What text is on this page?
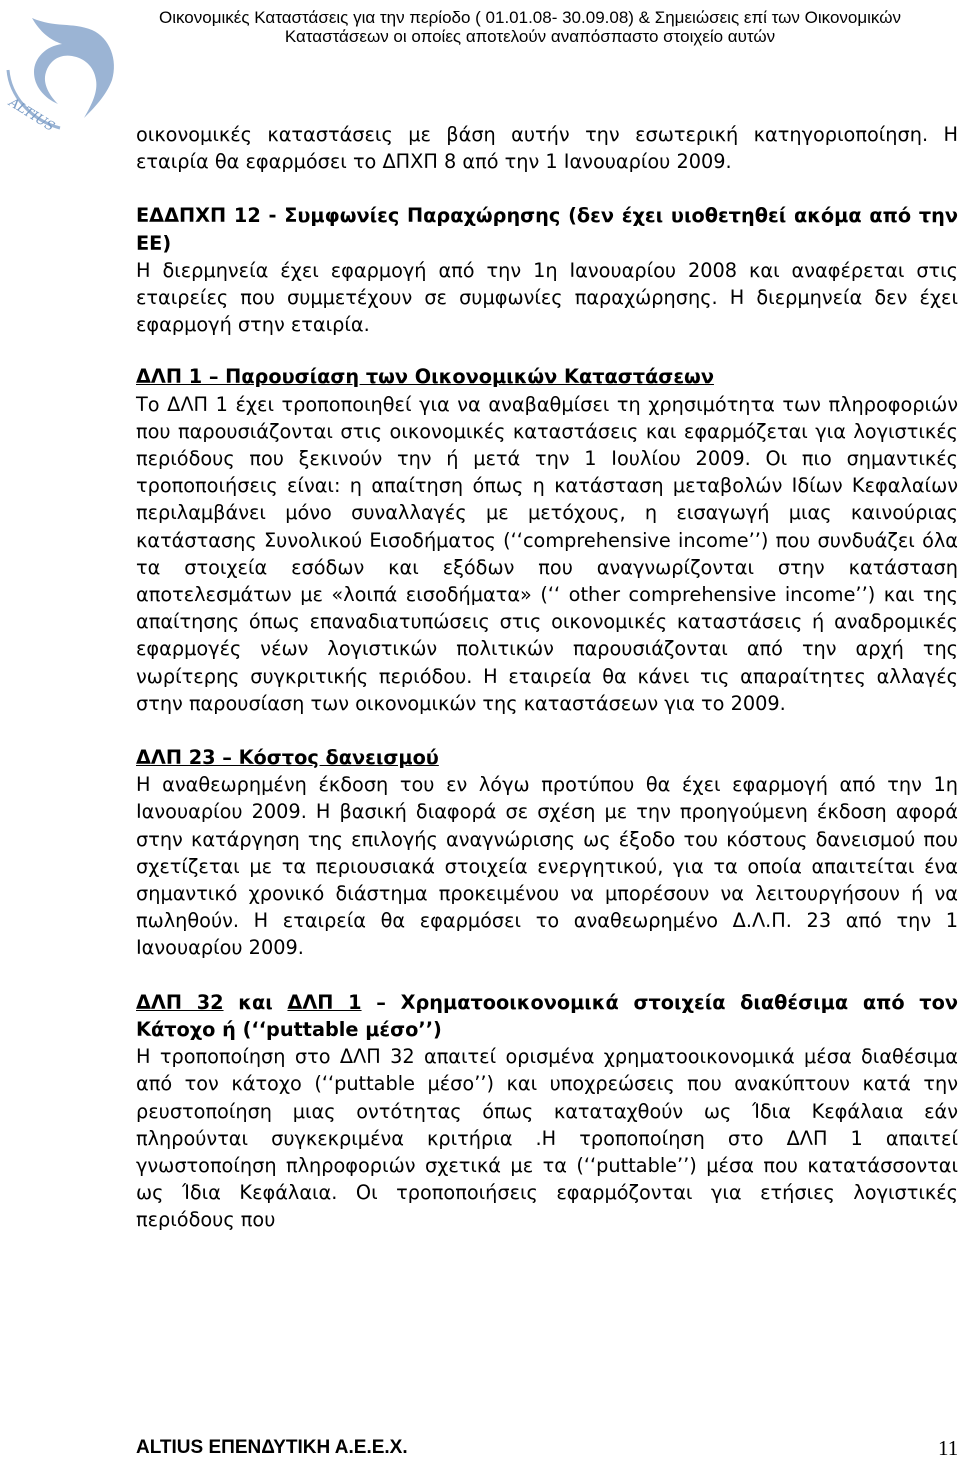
ALTIUS
Οικονομικές Καταστάσεις για την περίοδο ( 01.01.08- 30.09.08) & Σημειώσεις επί των Οικονομικών
Καταστάσεων οι οποίες αποτελούν αναπόσπαστο στοιχείο αυτών

οικονομικές καταστάσεις με βάση αυτήν την εσωτερική κατηγοριοποίηση. Η εταιρία θα εφαρμόσει το ΔΠΧΠ 8 από την 1 Ιανουαρίου 2009.

ΕΔΔΠΧΠ 12 - Συμφωνίες Παραχώρησης (δεν έχει υιοθετηθεί ακόμα από την ΕΕ)

Η διερμηνεία έχει εφαρμογή από την 1η Ιανουαρίου 2008 και αναφέρεται στις εταιρείες που συμμετέχουν σε συμφωνίες παραχώρησης. Η διερμηνεία δεν έχει εφαρμογή στην εταιρία.

ΔΛΠ 1 – Παρουσίαση των Οικονομικών Καταστάσεων

Το ΔΛΠ 1 έχει τροποποιηθεί για να αναβαθμίσει τη χρησιμότητα των πληροφοριών που παρουσιάζονται στις οικονομικές καταστάσεις και εφαρμόζεται για λογιστικές περιόδους που ξεκινούν την ή μετά την 1 Ιουλίου 2009. Οι πιο σημαντικές τροποποιήσεις είναι: η απαίτηση όπως η κατάσταση μεταβολών Ιδίων Κεφαλαίων περιλαμβάνει μόνο συναλλαγές με μετόχους, η εισαγωγή μιας καινούριας κατάστασης Συνολικού Εισοδήματος (‘‘comprehensive income’’) που συνδυάζει όλα τα στοιχεία εσόδων και εξόδων που αναγνωρίζονται στην κατάσταση αποτελεσμάτων με «λοιπά εισοδήματα» (‘‘ other comprehensive income’’) και της απαίτησης όπως επαναδιατυπώσεις στις οικονομικές καταστάσεις ή αναδρομικές εφαρμογές νέων λογιστικών πολιτικών παρουσιάζονται από την αρχή της νωρίτερης συγκριτικής περιόδου. Η εταιρεία θα κάνει τις απαραίτητες αλλαγές στην παρουσίαση των οικονομικών της καταστάσεων για το 2009.

ΔΛΠ 23 – Κόστος δανεισμού

Η αναθεωρημένη έκδοση του εν λόγω προτύπου θα έχει εφαρμογή από την 1η Ιανουαρίου 2009. Η βασική διαφορά σε σχέση με την προηγούμενη έκδοση αφορά στην κατάργηση της επιλογής αναγνώρισης ως έξοδο του κόστους δανεισμού που σχετίζεται με τα περιουσιακά στοιχεία ενεργητικού, για τα οποία απαιτείται ένα σημαντικό χρονικό διάστημα προκειμένου να μπορέσουν να λειτουργήσουν ή να πωληθούν. Η εταιρεία θα εφαρμόσει το αναθεωρημένο Δ.Λ.Π. 23 από την 1 Ιανουαρίου 2009.

ΔΛΠ 32 και ΔΛΠ 1 – Χρηματοοικονομικά στοιχεία διαθέσιμα από τον Κάτοχο ή (‘‘puttable μέσο’’)

Η τροποποίηση στο ΔΛΠ 32 απαιτεί ορισμένα χρηματοοικονομικά μέσα διαθέσιμα από τον κάτοχο (‘‘puttable μέσο’’) και υποχρεώσεις που ανακύπτουν κατά την ρευστοποίηση μιας οντότητας όπως καταταχθούν ως Ίδια Κεφάλαια εάν πληρούνται συγκεκριμένα κριτήρια .Η τροποποίηση στο ΔΛΠ 1 απαιτεί γνωστοποίηση πληροφοριών σχετικά με τα (‘‘puttable’’) μέσα που κατατάσσονται ως Ίδια Κεφάλαια. Οι τροποποιήσεις εφαρμόζονται για ετήσιες λογιστικές περιόδους που

ALTIUS ΕΠΕΝΔΥΤΙΚΗ Α.Ε.Ε.Χ.	11
